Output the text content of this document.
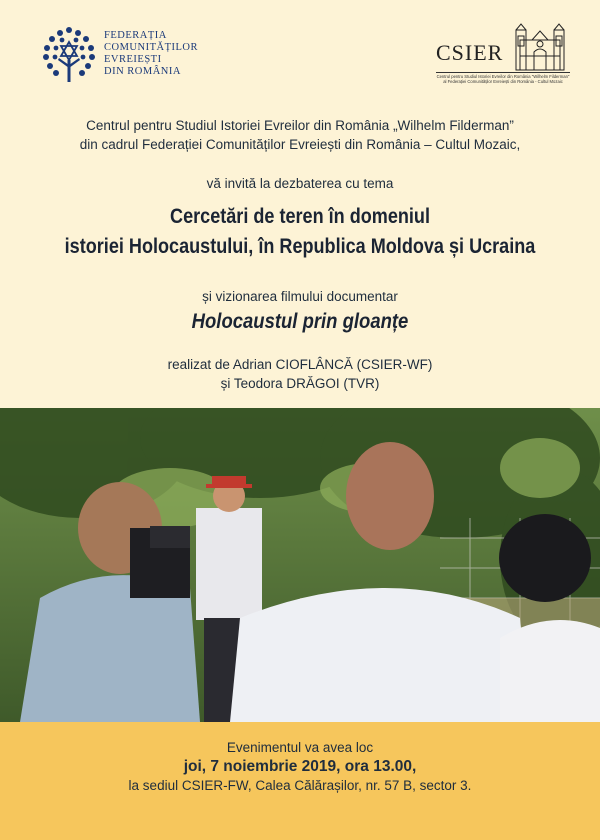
FEDERAȚIA
COMUNITĂȚILOR
EVREIEȘTI
DIN ROMÂNIA
CSIER
Centrul pentru Studiul Istoriei Evreilor din România "Wilhelm Filderman" al Federației Comunităților Evreiești din România - Cultul Mozaic
Centrul pentru Studiul Istoriei Evreilor din România „Wilhelm Filderman”
din cadrul Federației Comunităților Evreiești din România – Cultul Mozaic,
vă invită la dezbaterea cu tema
Cercetări de teren în domeniul
istoriei Holocaustului, în Republica Moldova și Ucraina
și vizionarea filmului documentar
Holocaustul prin gloanțe
realizat de Adrian CIOFLÂNCĂ (CSIER-WF)
și Teodora DRĂGOI (TVR)
Evenimentul va avea loc
joi, 7 noiembrie 2019, ora 13.00,
la sediul CSIER-FW, Calea Călărașilor, nr. 57 B, sector 3.
